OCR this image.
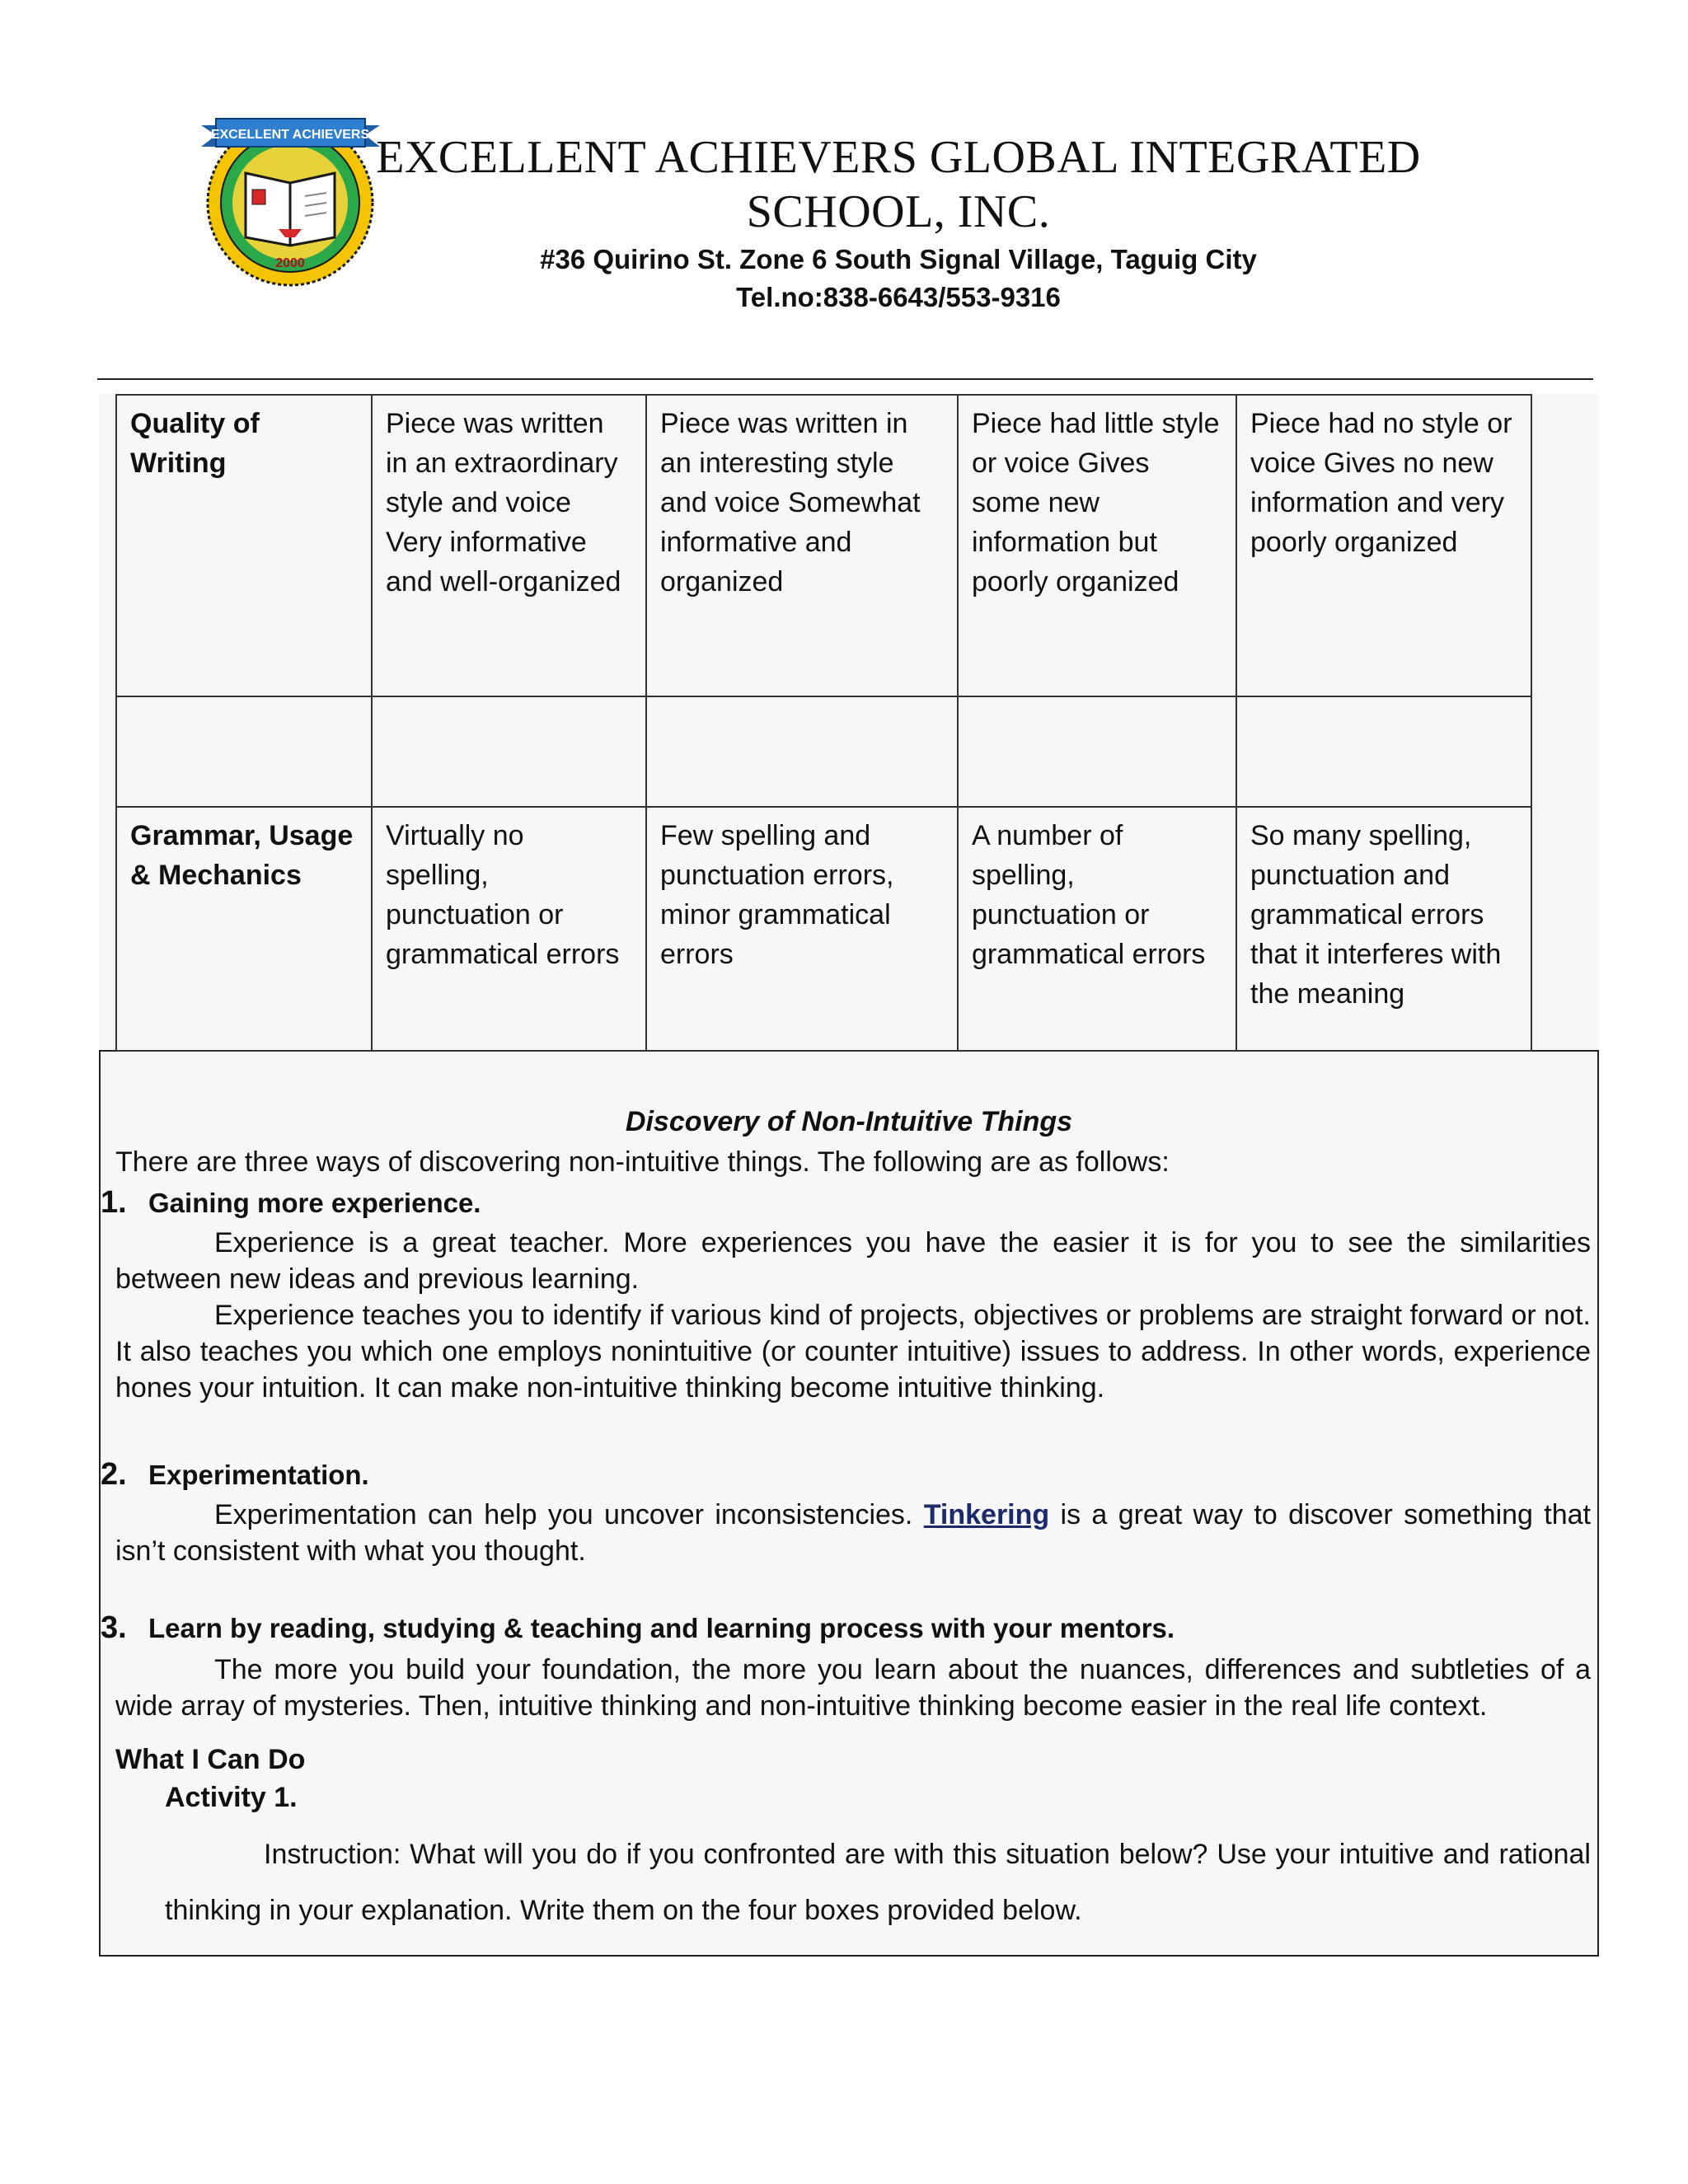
EXCELLENT ACHIEVERS
2000
EXCELLENT ACHIEVERS GLOBAL INTEGRATED
SCHOOL, INC.
#36 Quirino St. Zone 6 South Signal Village, Taguig City
Tel.no:838-6643/553-9316
Quality of Writing	Piece was written in an extraordinary style and voice Very informative and well-organized	Piece was written in an interesting style and voice Somewhat informative and organized	Piece had little style or voice Gives some new information but poorly organized	Piece had no style or voice Gives no new information and very poorly organized

Grammar, Usage & Mechanics	Virtually no spelling, punctuation or grammatical errors	Few spelling and punctuation errors, minor grammatical errors	A number of spelling, punctuation or grammatical errors	So many spelling, punctuation and grammatical errors that it interferes with the meaning
Discovery of Non-Intuitive Things
There are three ways of discovering non-intuitive things. The following are as follows:
1. Gaining more experience.
Experience is a great teacher. More experiences you have the easier it is for you to see the similarities between new ideas and previous learning.
Experience teaches you to identify if various kind of projects, objectives or problems are straight forward or not. It also teaches you which one employs nonintuitive (or counter intuitive) issues to address. In other words, experience hones your intuition. It can make non-intuitive thinking become intuitive thinking.
2. Experimentation.
Experimentation can help you uncover inconsistencies. Tinkering is a great way to discover something that isn’t consistent with what you thought.
3. Learn by reading, studying & teaching and learning process with your mentors.
The more you build your foundation, the more you learn about the nuances, differences and subtleties of a wide array of mysteries. Then, intuitive thinking and non-intuitive thinking become easier in the real life context.
What I Can Do
Activity 1.
Instruction: What will you do if you confronted are with this situation below? Use your intuitive and rational thinking in your explanation. Write them on the four boxes provided below.
